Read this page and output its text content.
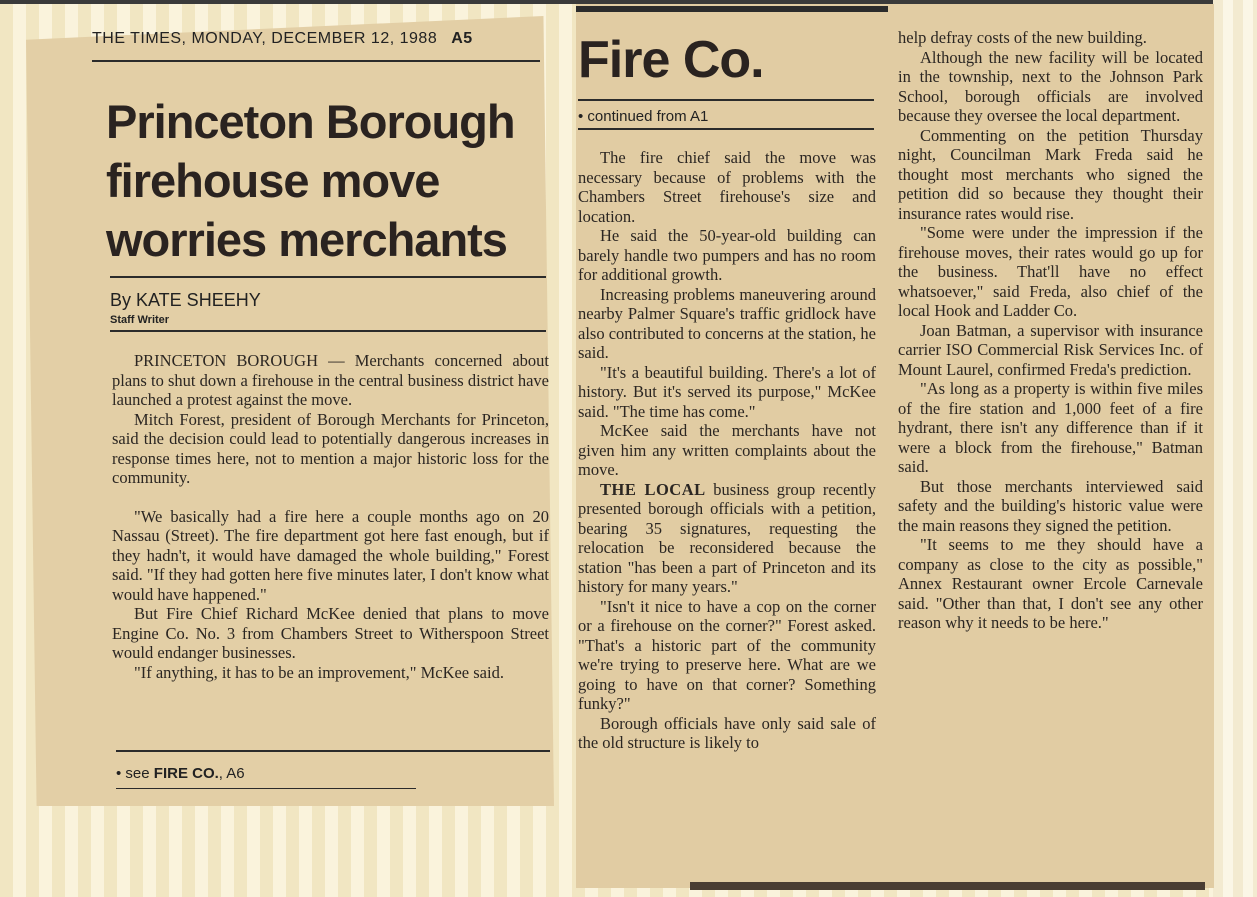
THE TIMES, MONDAY, DECEMBER 12, 1988 A5
Princeton Borough
firehouse move
worries merchants
By KATE SHEEHY
Staff Writer

PRINCETON BOROUGH — Merchants concerned about plans to shut down a firehouse in the central business district have launched a protest against the move.

Mitch Forest, president of Borough Merchants for Princeton, said the decision could lead to potentially dangerous increases in response times here, not to mention a major historic loss for the community.

"We basically had a fire here a couple months ago on 20 Nassau (Street). The fire department got here fast enough, but if they hadn't, it would have damaged the whole building," Forest said. "If they had gotten here five minutes later, I don't know what would have happened."

But Fire Chief Richard McKee denied that plans to move Engine Co. No. 3 from Chambers Street to Witherspoon Street would endanger businesses.

"If anything, it has to be an improvement," McKee said.

• see FIRE CO., A6
Fire Co.
• continued from A1

The fire chief said the move was necessary because of problems with the Chambers Street firehouse's size and location.

He said the 50-year-old building can barely handle two pumpers and has no room for additional growth.

Increasing problems maneuvering around nearby Palmer Square's traffic gridlock have also contributed to concerns at the station, he said.

"It's a beautiful building. There's a lot of history. But it's served its purpose," McKee said. "The time has come."

McKee said the merchants have not given him any written complaints about the move.

THE LOCAL business group recently presented borough officials with a petition, bearing 35 signatures, requesting the relocation be reconsidered because the station "has been a part of Princeton and its history for many years."

"Isn't it nice to have a cop on the corner or a firehouse on the corner?" Forest asked. "That's a historic part of the community we're trying to preserve here. What are we going to have on that corner? Something funky?"

Borough officials have only said sale of the old structure is likely to

help defray costs of the new building.

Although the new facility will be located in the township, next to the Johnson Park School, borough officials are involved because they oversee the local department.

Commenting on the petition Thursday night, Councilman Mark Freda said he thought most merchants who signed the petition did so because they thought their insurance rates would rise.

"Some were under the impression if the firehouse moves, their rates would go up for the business. That'll have no effect whatsoever," said Freda, also chief of the local Hook and Ladder Co.

Joan Batman, a supervisor with insurance carrier ISO Commercial Risk Services Inc. of Mount Laurel, confirmed Freda's prediction.

"As long as a property is within five miles of the fire station and 1,000 feet of a fire hydrant, there isn't any difference than if it were a block from the firehouse," Batman said.

But those merchants interviewed said safety and the building's historic value were the main reasons they signed the petition.

"It seems to me they should have a company as close to the city as possible," Annex Restaurant owner Ercole Carnevale said. "Other than that, I don't see any other reason why it needs to be here."
